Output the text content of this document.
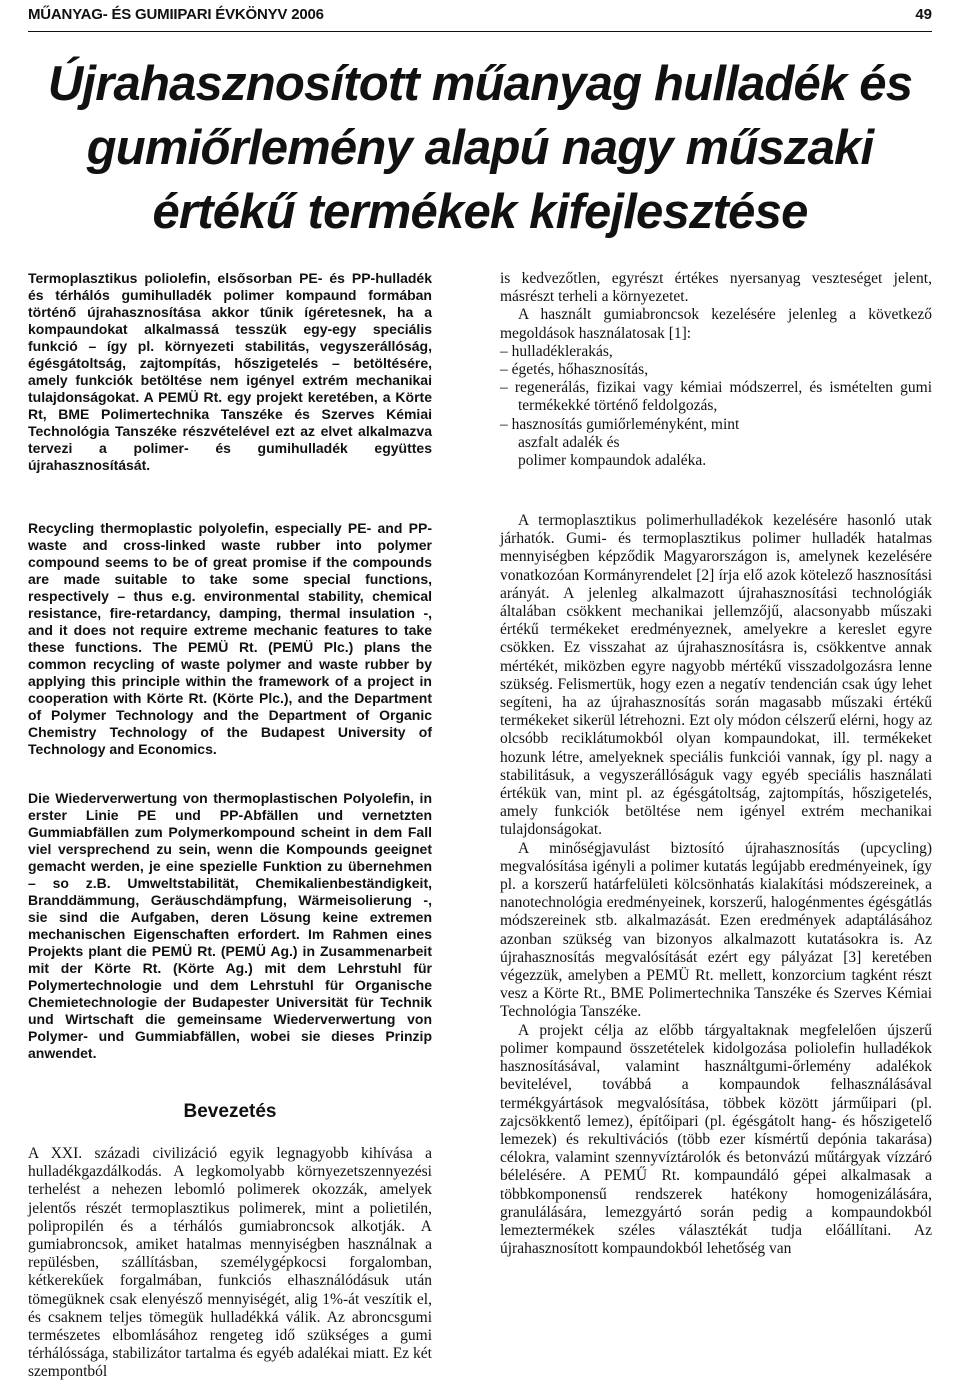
MŰANYAG- ÉS GUMIIPARI ÉVKÖNYV 2006	49
Újrahasznosított műanyag hulladék és
gumiőrlemény alapú nagy műszaki
értékű termékek kifejlesztése

Termoplasztikus poliolefin, elsősorban PE- és PP-hulladék és térhálós gumihulladék polimer kompaund formában történő újrahasznosítása akkor tűnik ígéretesnek, ha a kompaundokat alkalmassá tesszük egy-egy speciális funkció – így pl. környezeti stabilitás, vegyszerállóság, égésgátoltság, zajtompítás, hőszigetelés – betöltésére, amely funkciók betöltése nem igényel extrém mechanikai tulajdonságokat. A PEMÜ Rt. egy projekt keretében, a Körte Rt, BME Polimertechnika Tanszéke és Szerves Kémiai Technológia Tanszéke részvételével ezt az elvet alkalmazva tervezi a polimer- és gumihulladék együttes újrahasznosítását.

Recycling thermoplastic polyolefin, especially PE- and PP-waste and cross-linked waste rubber into polymer compound seems to be of great promise if the compounds are made suitable to take some special functions, respectively – thus e.g. environmental stability, chemical resistance, fire-retardancy, damping, thermal insulation -, and it does not require extreme mechanic features to take these functions. The PEMÜ Rt. (PEMÜ Plc.) plans the common recycling of waste polymer and waste rubber by applying this principle within the framework of a project in cooperation with Körte Rt. (Körte Plc.), and the Department of Polymer Technology and the Department of Organic Chemistry Technology of the Budapest University of Technology and Economics.

Die Wiederverwertung von thermoplastischen Polyolefin, in erster Linie PE und PP-Abfällen und vernetzten Gummiabfällen zum Polymerkompound scheint in dem Fall viel versprechend zu sein, wenn die Kompounds geeignet gemacht werden, je eine spezielle Funktion zu übernehmen – so z.B. Umweltstabilität, Chemikalienbeständigkeit, Branddämmung, Geräuschdämpfung, Wärmeisolierung -, sie sind die Aufgaben, deren Lösung keine extremen mechanischen Eigenschaften erfordert. Im Rahmen eines Projekts plant die PEMÜ Rt. (PEMÜ Ag.) in Zusammenarbeit mit der Körte Rt. (Körte Ag.) mit dem Lehrstuhl für Polymertechnologie und dem Lehrstuhl für Organische Chemietechnologie der Budapester Universität für Technik und Wirtschaft die gemeinsame Wiederverwertung von Polymer- und Gummiabfällen, wobei sie dieses Prinzip anwendet.

Bevezetés

A XXI. századi civilizáció egyik legnagyobb kihívása a hulladékgazdálkodás. A legkomolyabb környezetszennyezési terhelést a nehezen lebomló polimerek okozzák, amelyek jelentős részét termoplasztikus polimerek, mint a polietilén, polipropilén és a térhálós gumiabroncsok alkotják. A gumiabroncsok, amiket hatalmas mennyiségben használnak a repülésben, szállításban, személygépkocsi forgalomban, kétkerekűek forgalmában, funkciós elhasználódásuk után tömegüknek csak elenyésző mennyiségét, alig 1%-át veszítik el, és csaknem teljes tömegük hulladékká válik. Az abroncsgumi természetes elbomlásához rengeteg idő szükséges a gumi térhálóssága, stabilizátor tartalma és egyéb adalékai miatt. Ez két szempontból

is kedvezőtlen, egyrészt értékes nyersanyag veszteséget jelent, másrészt terheli a környezetet.

A használt gumiabroncsok kezelésére jelenleg a következő megoldások használatosak [1]:

– hulladéklerakás,
– égetés, hőhasznosítás,
– regenerálás, fizikai vagy kémiai módszerrel, és ismételten gumi termékekké történő feldolgozás,
– hasznosítás gumiőrleményként, mint
aszfalt adalék és
polimer kompaundok adaléka.

A termoplasztikus polimerhulladékok kezelésére hasonló utak járhatók. Gumi- és termoplasztikus polimer hulladék hatalmas mennyiségben képződik Magyarországon is, amelynek kezelésére vonatkozóan Kormányrendelet [2] írja elő azok kötelező hasznosítási arányát. A jelenleg alkalmazott újrahasznosítási technológiák általában csökkent mechanikai jellemzőjű, alacsonyabb műszaki értékű termékeket eredményeznek, amelyekre a kereslet egyre csökken. Ez visszahat az újrahasznosításra is, csökkentve annak mértékét, miközben egyre nagyobb mértékű visszadolgozásra lenne szükség. Felismertük, hogy ezen a negatív tendencián csak úgy lehet segíteni, ha az újrahasznosítás során magasabb műszaki értékű termékeket sikerül létrehozni. Ezt oly módon célszerű elérni, hogy az olcsóbb reciklátumokból olyan kompaundokat, ill. termékeket hozunk létre, amelyeknek speciális funkciói vannak, így pl. nagy a stabilitásuk, a vegyszerállóságuk vagy egyéb speciális használati értékük van, mint pl. az égésgátoltság, zajtompítás, hőszigetelés, amely funkciók betöltése nem igényel extrém mechanikai tulajdonságokat.

A minőségjavulást biztosító újrahasznosítás (upcycling) megvalósítása igényli a polimer kutatás legújabb eredményeinek, így pl. a korszerű határfelületi kölcsönhatás kialakítási módszereinek, a nanotechnológia eredményeinek, korszerű, halogénmentes égésgátlás módszereinek stb. alkalmazását. Ezen eredmények adaptálásához azonban szükség van bizonyos alkalmazott kutatásokra is. Az újrahasznosítás megvalósítását ezért egy pályázat [3] keretében végezzük, amelyben a PEMÜ Rt. mellett, konzorcium tagként részt vesz a Körte Rt., BME Polimertechnika Tanszéke és Szerves Kémiai Technológia Tanszéke.

A projekt célja az előbb tárgyaltaknak megfelelően újszerű polimer kompaund összetételek kidolgozása poliolefin hulladékok hasznosításával, valamint használtgumi-őrlemény adalékok bevitelével, továbbá a kompaundok felhasználásával termékgyártások megvalósítása, többek között járműipari (pl. zajcsökkentő lemez), építőipari (pl. égésgátolt hang- és hőszigetelő lemezek) és rekultivációs (több ezer kísmértű depónia takarása) célokra, valamint szennyvíztárolók és betonvázú műtárgyak vízzáró bélelésére. A PEMŰ Rt. kompaundáló gépei alkalmasak a többkomponensű rendszerek hatékony homogenizálására, granulálására, lemezgyártó során pedig a kompaundokból lemeztermékek széles választékát tudja előállítani. Az újrahasznosított kompaundokból lehetőség van
